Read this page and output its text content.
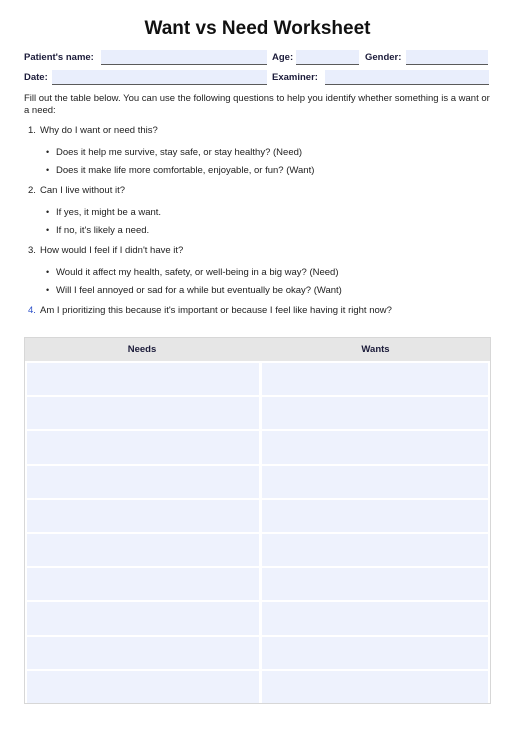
Want vs Need Worksheet
Patient's name:	Age:	Gender:
Date:	Examiner:
Fill out the table below. You can use the following questions to help you identify whether something is a want or a need:
1. Why do I want or need this?
• Does it help me survive, stay safe, or stay healthy? (Need)
• Does it make life more comfortable, enjoyable, or fun? (Want)
2. Can I live without it?
• If yes, it might be a want.
• If no, it's likely a need.
3. How would I feel if I didn't have it?
• Would it affect my health, safety, or well-being in a big way? (Need)
• Will I feel annoyed or sad for a while but eventually be okay? (Want)
4. Am I prioritizing this because it's important or because I feel like having it right now?
Needs	Wants
